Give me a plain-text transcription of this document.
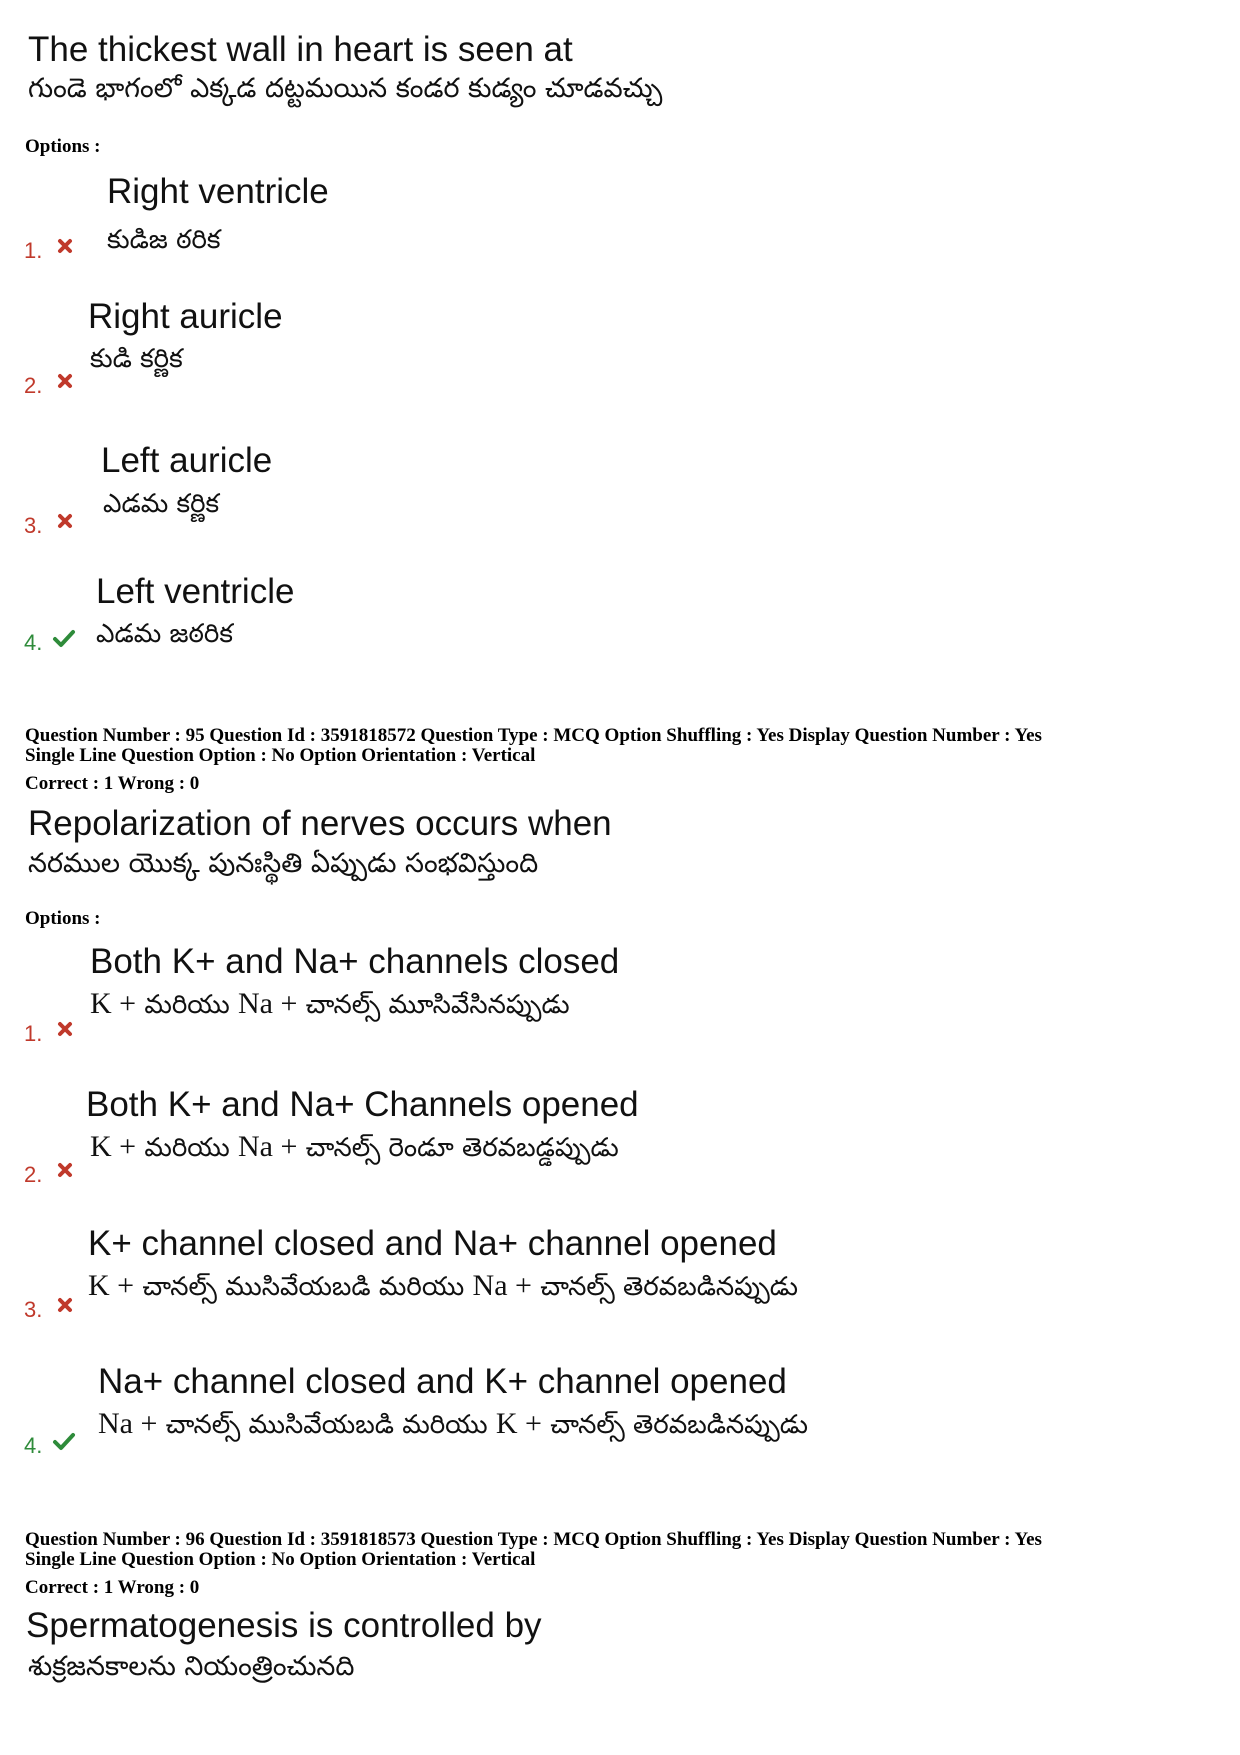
The thickest wall in heart is seen at
గుండె భాగంలో ఎక్కడ దట్టమయిన కండర కుడ్యం చూడవచ్చు
Options :
Right ventricle
కుడిజ ఠరిక
1.
Right auricle
కుడి కర్ణిక
2.
Left auricle
ఎడమ కర్ణిక
3.
Left ventricle
ఎడమ జఠరిక
4.
Question Number : 95 Question Id : 3591818572 Question Type : MCQ Option Shuffling : Yes Display Question Number : Yes
Single Line Question Option : No Option Orientation : Vertical
Correct : 1 Wrong : 0
Repolarization of nerves occurs when
నరముల యొక్క పునఃస్థితి ఏప్పుడు సంభవిస్తుంది
Options :
Both K+ and Na+ channels closed
K + మరియు Na + చానల్స్ మూసివేసినప్పుడు
1.
Both K+ and Na+ Channels opened
K + మరియు Na + చానల్స్ రెండూ తెరవబడ్డప్పుడు
2.
K+ channel closed and Na+ channel opened
K + చానల్స్ ముసివేయబడి మరియు Na + చానల్స్ తెరవబడినప్పుడు
3.
Na+ channel closed and K+ channel opened
Na + చానల్స్ ముసివేయబడి మరియు K + చానల్స్ తెరవబడినప్పుడు
4.
Question Number : 96 Question Id : 3591818573 Question Type : MCQ Option Shuffling : Yes Display Question Number : Yes
Single Line Question Option : No Option Orientation : Vertical
Correct : 1 Wrong : 0
Spermatogenesis is controlled by
శుక్రజనకాలను నియంత్రించునది
